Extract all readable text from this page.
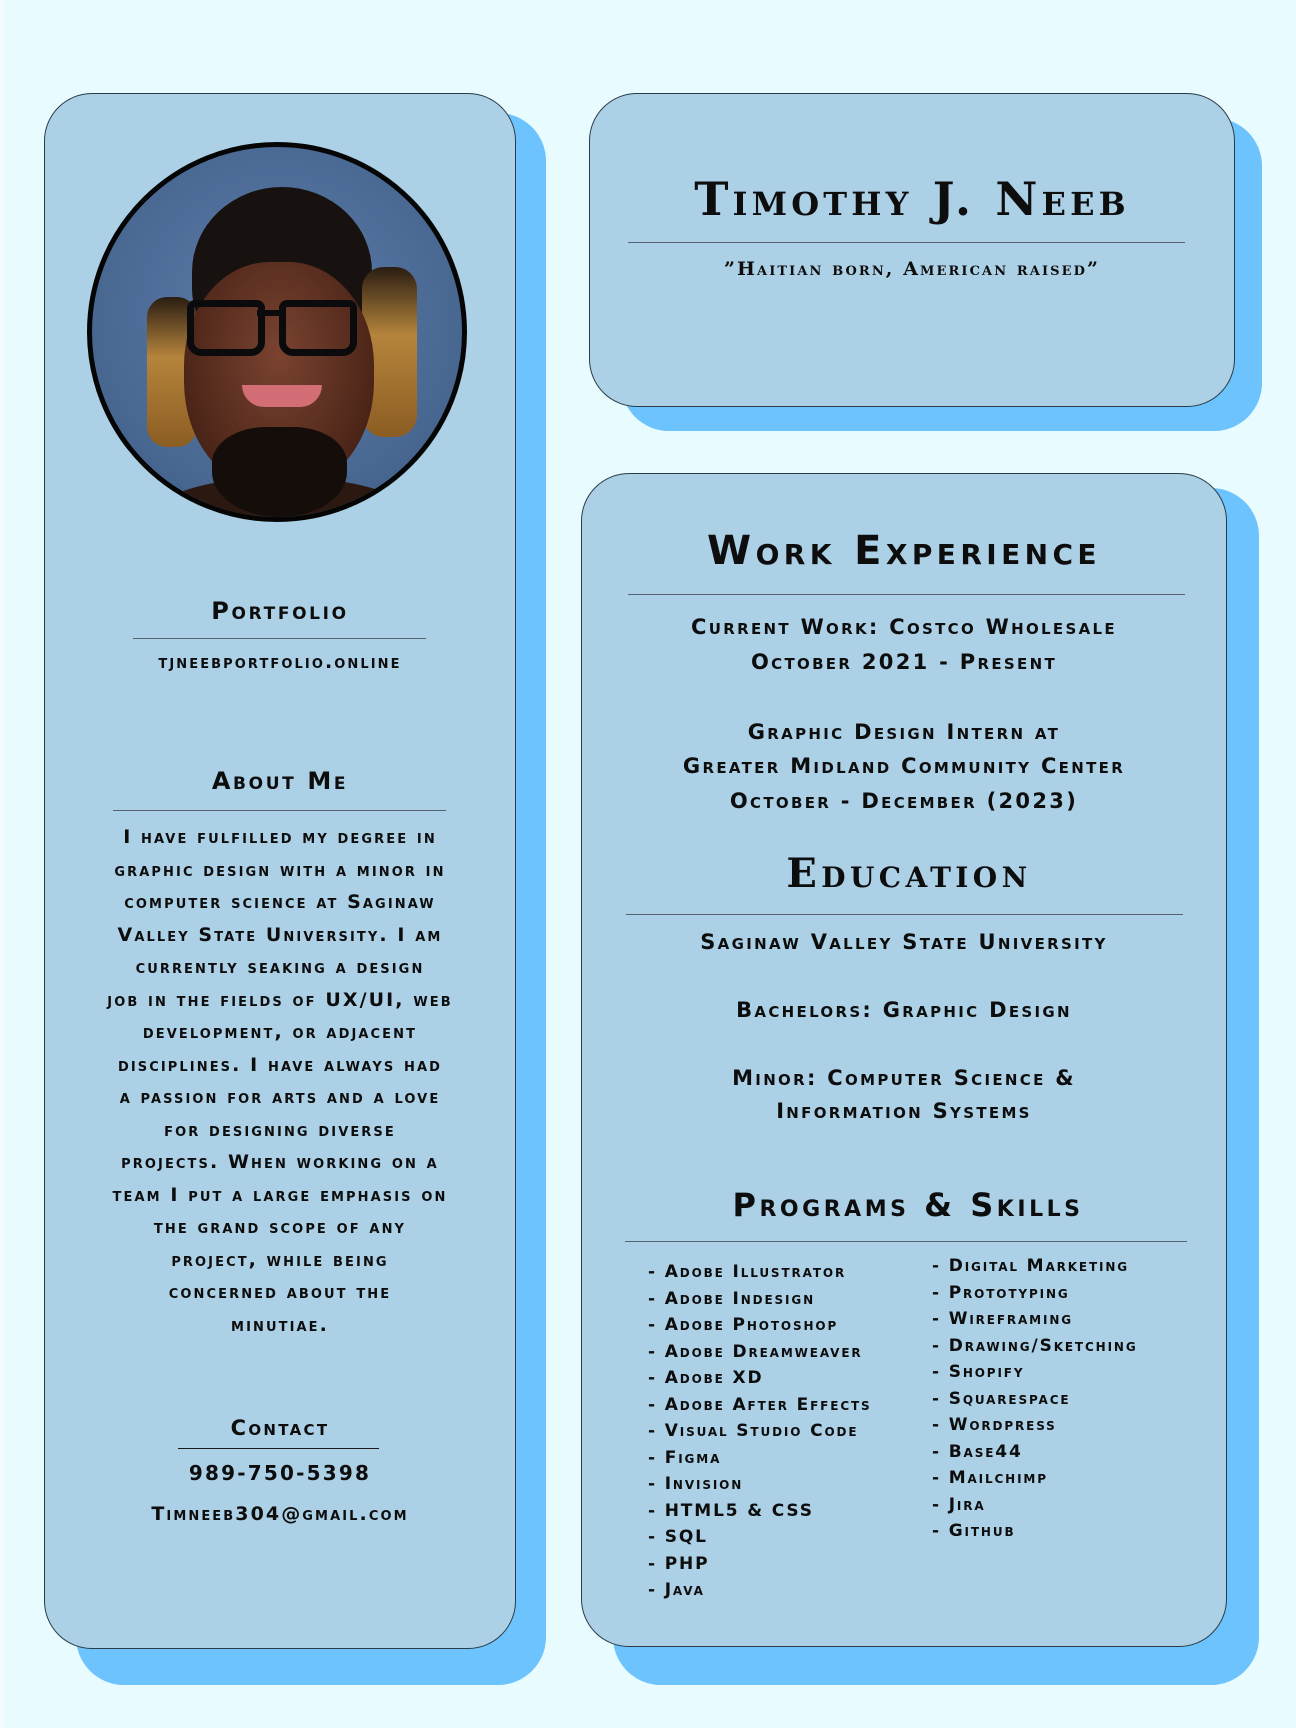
Portfolio
tjneebportfolio.online
About Me

I have fulfilled my degree in

graphic design with a minor in

computer science at Saginaw

Valley State University. I am

currently seaking a design

job in the fields of UX/UI, web

development, or adjacent

disciplines. I have always had

a passion for arts and a love

for designing diverse

projects. When working on a

team I put a large emphasis on

the grand scope of any

project, while being

concerned about the

minutiae.

Contact
989-750-5398
Timneeb304@gmail.com
Timothy J. Neeb
”Haitian born, American raised”
Work Experience
Current Work: Costco Wholesale
October 2021 - Present
Graphic Design Intern at
Greater Midland Community Center
October - December (2023)
Education
Saginaw Valley State University
Bachelors: Graphic Design
Minor: Computer Science &
Information Systems
Programs & Skills
- Adobe Illustrator
- Adobe Indesign
- Adobe Photoshop
- Adobe Dreamweaver
- Adobe XD
- Adobe After Effects
- Visual Studio Code
- Figma
- Invision
- HTML5 & CSS
- SQL
- PHP
- Java
- Digital Marketing
- Prototyping
- Wireframing
- Drawing/Sketching
- Shopify
- Squarespace
- Wordpress
- Base44
- Mailchimp
- Jira
- Github
